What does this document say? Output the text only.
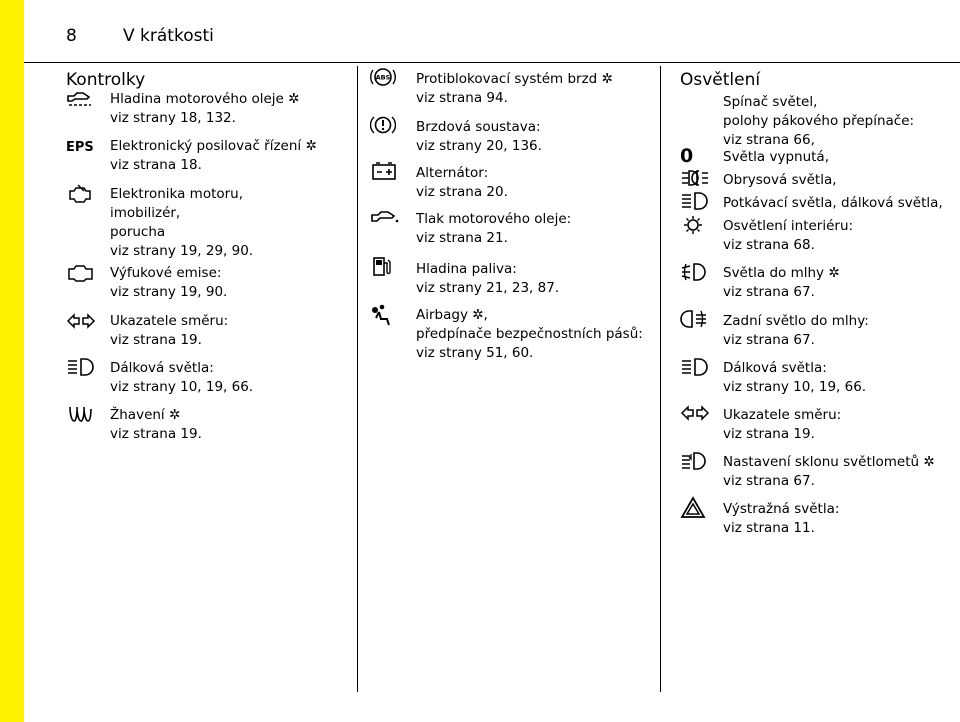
8	V krátkosti
Kontrolky
Hladina motorového oleje ✲
viz strany 18, 132.
EPS Elektronický posilovač řízení ✲
viz strana 18.
Elektronika motoru,
imobilizér,
porucha
viz strany 19, 29, 90.
Výfukové emise:
viz strany 19, 90.
Ukazatele směru:
viz strana 19.
Dálková světla:
viz strany 10, 19, 66.
Žhavení ✲
viz strana 19.
ABS Protiblokovací systém brzd ✲
viz strana 94.
Brzdová soustava:
viz strany 20, 136.
Alternátor:
viz strana 20.
Tlak motorového oleje:
viz strana 21.
Hladina paliva:
viz strany 21, 23, 87.
Airbagy ✲,
předpínače bezpečnostních pásů:
viz strany 51, 60.
Osvětlení
Spínač světel,
polohy pákového přepínače:
viz strana 66,
0	Světla vypnutá,
Obrysová světla,
Potkávací světla, dálková světla,
Osvětlení interiéru:
viz strana 68.
Světla do mlhy ✲
viz strana 67.
Zadní světlo do mlhy:
viz strana 67.
Dálková světla:
viz strany 10, 19, 66.
Ukazatele směru:
viz strana 19.
Nastavení sklonu světlometů ✲
viz strana 67.
Výstražná světla:
viz strana 11.
